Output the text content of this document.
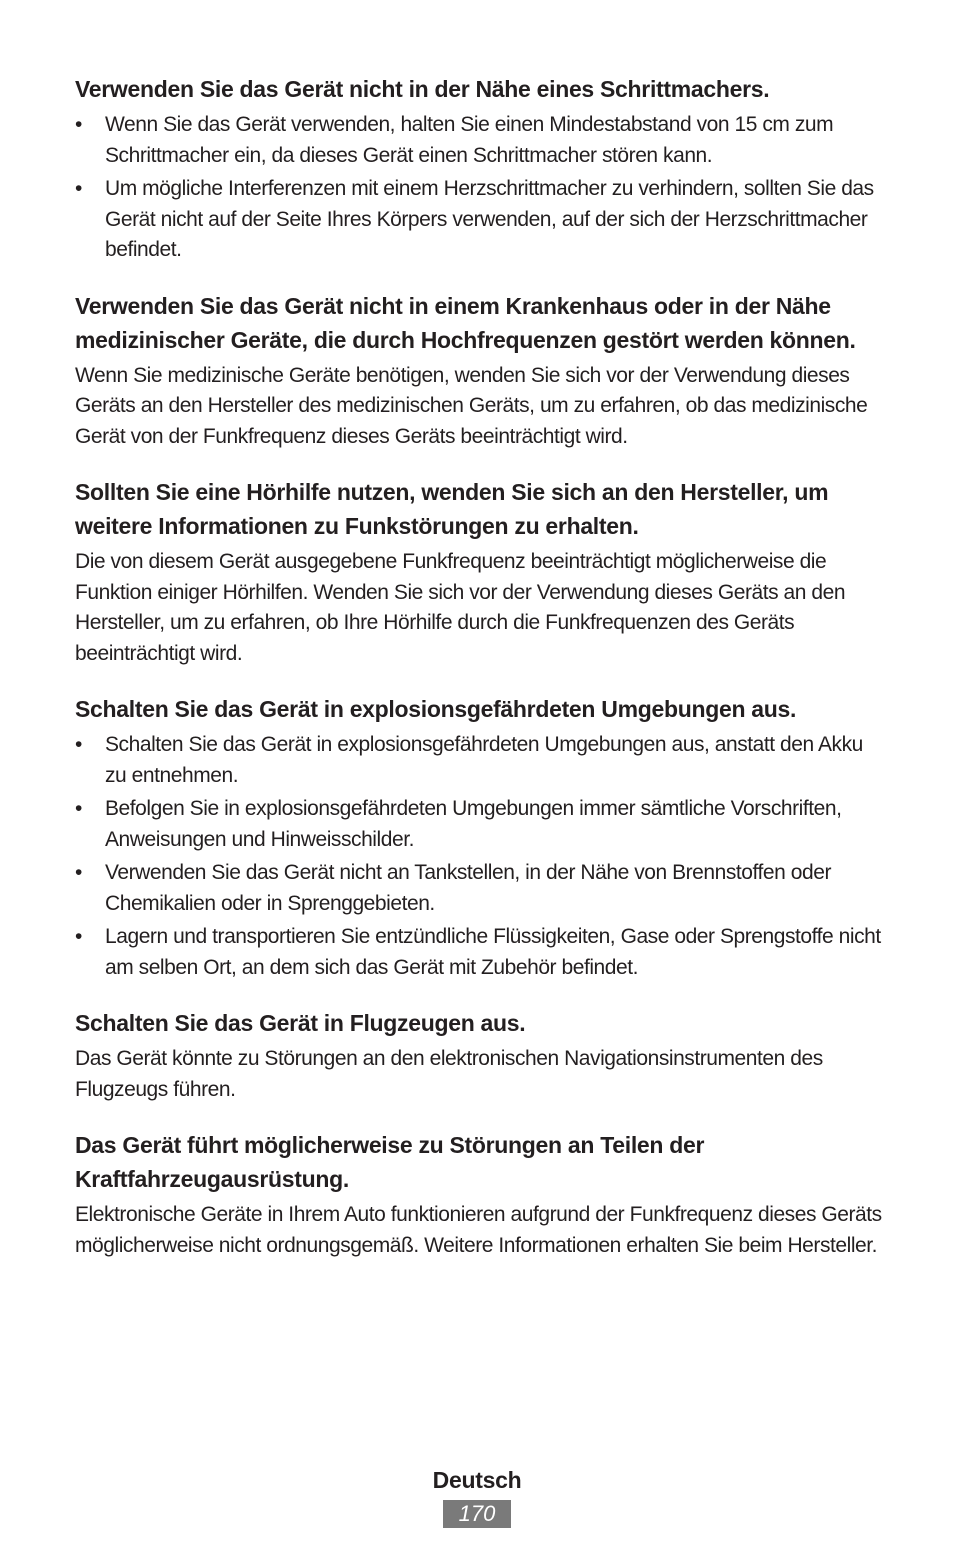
Verwenden Sie das Gerät nicht in der Nähe eines Schrittmachers.
• Wenn Sie das Gerät verwenden, halten Sie einen Mindestabstand von 15 cm zum Schrittmacher ein, da dieses Gerät einen Schrittmacher stören kann.
• Um mögliche Interferenzen mit einem Herzschrittmacher zu verhindern, sollten Sie das Gerät nicht auf der Seite Ihres Körpers verwenden, auf der sich der Herzschrittmacher befindet.
Verwenden Sie das Gerät nicht in einem Krankenhaus oder in der Nähe medizinischer Geräte, die durch Hochfrequenzen gestört werden können.

Wenn Sie medizinische Geräte benötigen, wenden Sie sich vor der Verwendung dieses Geräts an den Hersteller des medizinischen Geräts, um zu erfahren, ob das medizinische Gerät von der Funkfrequenz dieses Geräts beeinträchtigt wird.

Sollten Sie eine Hörhilfe nutzen, wenden Sie sich an den Hersteller, um weitere Informationen zu Funkstörungen zu erhalten.

Die von diesem Gerät ausgegebene Funkfrequenz beeinträchtigt möglicherweise die Funktion einiger Hörhilfen. Wenden Sie sich vor der Verwendung dieses Geräts an den Hersteller, um zu erfahren, ob Ihre Hörhilfe durch die Funkfrequenzen des Geräts beeinträchtigt wird.

Schalten Sie das Gerät in explosionsgefährdeten Umgebungen aus.
• Schalten Sie das Gerät in explosionsgefährdeten Umgebungen aus, anstatt den Akku zu entnehmen.
• Befolgen Sie in explosionsgefährdeten Umgebungen immer sämtliche Vorschriften, Anweisungen und Hinweisschilder.
• Verwenden Sie das Gerät nicht an Tankstellen, in der Nähe von Brennstoffen oder Chemikalien oder in Sprenggebieten.
• Lagern und transportieren Sie entzündliche Flüssigkeiten, Gase oder Sprengstoffe nicht am selben Ort, an dem sich das Gerät mit Zubehör befindet.
Schalten Sie das Gerät in Flugzeugen aus.

Das Gerät könnte zu Störungen an den elektronischen Navigationsinstrumenten des Flugzeugs führen.

Das Gerät führt möglicherweise zu Störungen an Teilen der Kraftfahrzeugausrüstung.

Elektronische Geräte in Ihrem Auto funktionieren aufgrund der Funkfrequenz dieses Geräts möglicherweise nicht ordnungsgemäß. Weitere Informationen erhalten Sie beim Hersteller.

Deutsch
170
